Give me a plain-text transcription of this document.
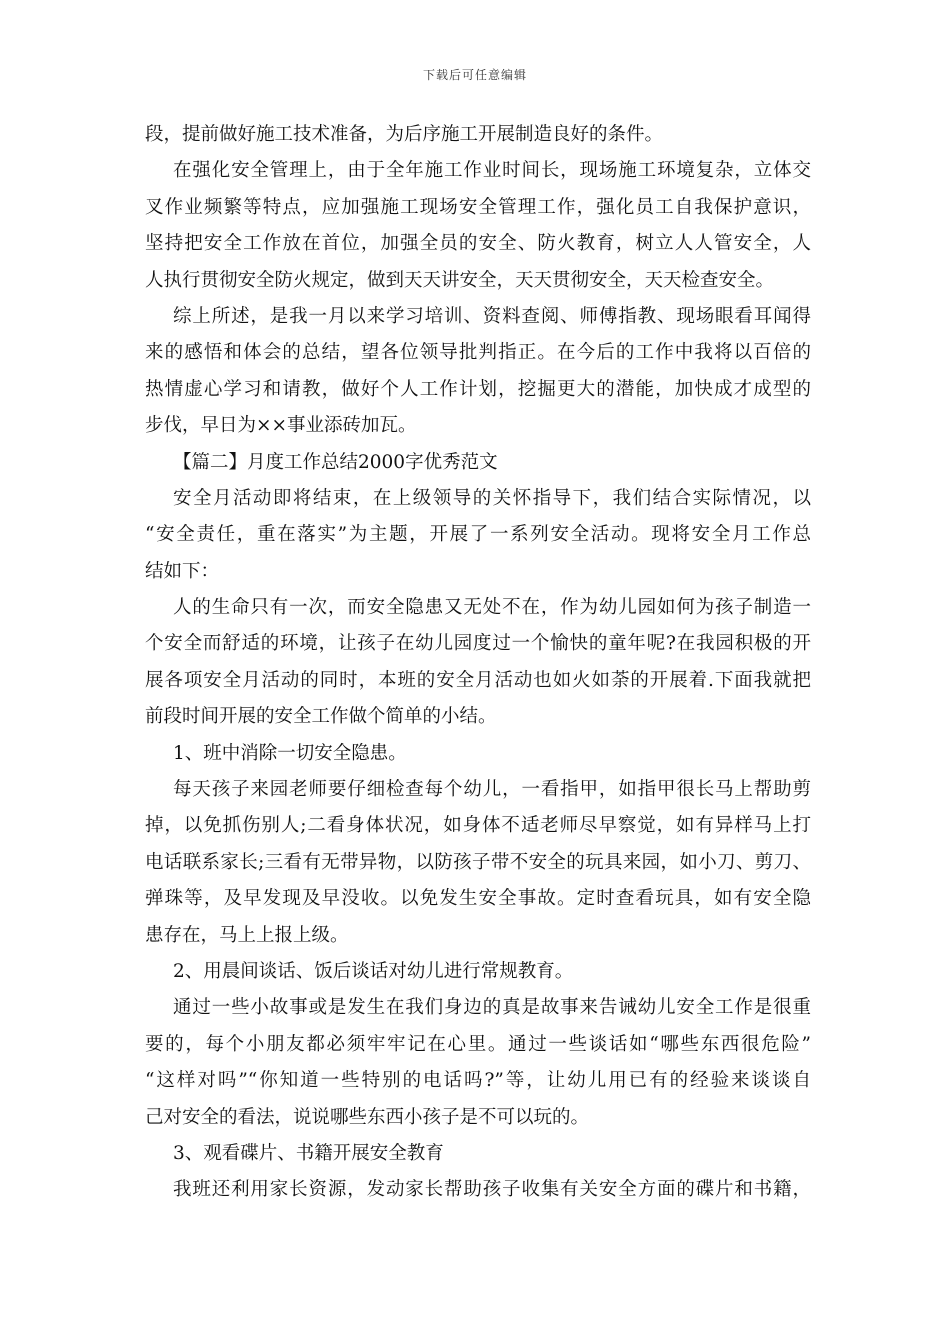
下载后可任意编辑
段，提前做好施工技术准备，为后序施工开展制造良好的条件。
在强化安全管理上，由于全年施工作业时间长，现场施工环境复杂，立体交
叉作业频繁等特点，应加强施工现场安全管理工作，强化员工自我保护意识，
坚持把安全工作放在首位，加强全员的安全、防火教育，树立人人管安全，人
人执行贯彻安全防火规定，做到天天讲安全，天天贯彻安全，天天检查安全。
综上所述，是我一月以来学习培训、资料查阅、师傅指教、现场眼看耳闻得
来的感悟和体会的总结，望各位领导批判指正。在今后的工作中我将以百倍的
热情虚心学习和请教，做好个人工作计划，挖掘更大的潜能，加快成才成型的
步伐，早日为××事业添砖加瓦。
【篇二】月度工作总结2000字优秀范文
安全月活动即将结束，在上级领导的关怀指导下，我们结合实际情况，以
“安全责任，重在落实”为主题，开展了一系列安全活动。现将安全月工作总
结如下：
人的生命只有一次，而安全隐患又无处不在，作为幼儿园如何为孩子制造一
个安全而舒适的环境，让孩子在幼儿园度过一个愉快的童年呢?在我园积极的开
展各项安全月活动的同时，本班的安全月活动也如火如荼的开展着.下面我就把
前段时间开展的安全工作做个简单的小结。
1、班中消除一切安全隐患。
每天孩子来园老师要仔细检查每个幼儿，一看指甲，如指甲很长马上帮助剪
掉，以免抓伤别人;二看身体状况，如身体不适老师尽早察觉，如有异样马上打
电话联系家长;三看有无带异物，以防孩子带不安全的玩具来园，如小刀、剪刀、
弹珠等，及早发现及早没收。以免发生安全事故。定时查看玩具，如有安全隐
患存在，马上上报上级。
2、用晨间谈话、饭后谈话对幼儿进行常规教育。
通过一些小故事或是发生在我们身边的真是故事来告诫幼儿安全工作是很重
要的，每个小朋友都必须牢牢记在心里。通过一些谈话如“哪些东西很危险”
“这样对吗”“你知道一些特别的电话吗?”等，让幼儿用已有的经验来谈谈自
己对安全的看法，说说哪些东西小孩子是不可以玩的。
3、观看碟片、书籍开展安全教育
我班还利用家长资源，发动家长帮助孩子收集有关安全方面的碟片和书籍，
